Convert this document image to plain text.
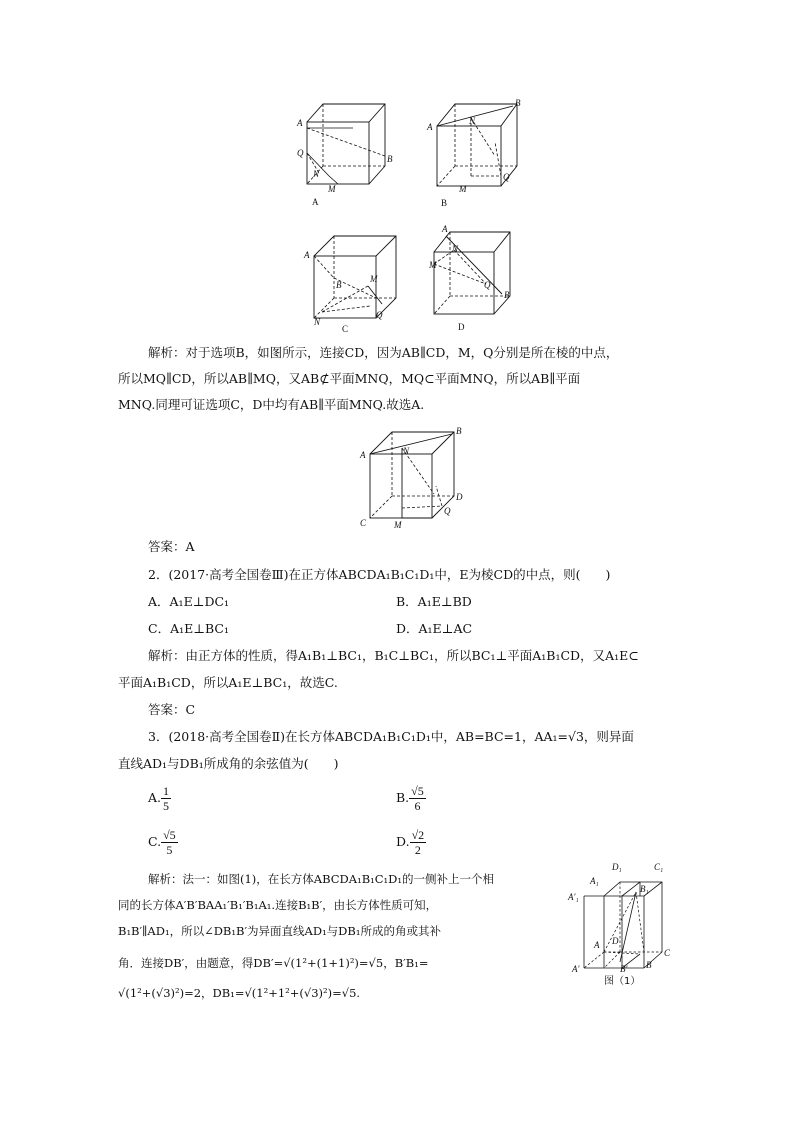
A
B
Q
N
M
A
A
B
N
M
Q
B
A
B
M
N
Q
C
A
N
M
Q
B
D
解析：对于选项B，如图所示，连接CD，因为AB∥CD，M，Q分别是所在棱的中点，
所以MQ∥CD，所以AB∥MQ，又AB⊄平面MNQ，MQ⊂平面MNQ，所以AB∥平面
MNQ.同理可证选项C，D中均有AB∥平面MNQ.故选A.
A
B
N
C	M
D
Q
答案：A
2．(2017·高考全国卷Ⅲ)在正方体ABCDA₁B₁C₁D₁中，E为棱CD的中点，则(　　)
A．A₁E⊥DC₁	B．A₁E⊥BD
C．A₁E⊥BC₁	D．A₁E⊥AC
解析：由正方体的性质，得A₁B₁⊥BC₁，B₁C⊥BC₁，所以BC₁⊥平面A₁B₁CD，又A₁E⊂
平面A₁B₁CD，所以A₁E⊥BC₁，故选C.
答案：C
3．(2018·高考全国卷Ⅱ)在长方体ABCDA₁B₁C₁D₁中，AB=BC=1，AA₁=√3，则异面
直线AD₁与DB₁所成角的余弦值为(　　)
A. $\frac{1}{5}$	B. $\frac{√5}{6}$
C. $\frac{√5}{5}$	D. $\frac{√2}{2}$
解析：法一：如图(1)，在长方体ABCDA₁B₁C₁D₁的一侧补上一个相
同的长方体A′B′BAA₁′B₁′B₁A₁.连接B₁B′，由长方体性质可知，
B₁B′∥AD₁，所以∠DB₁B′为异面直线AD₁与DB₁所成的角或其补
角．连接DB′，由题意，得DB′=√(1²+(1+1)²)=√5，B′B₁=
√(1²+(√3)²)=2，DB₁=√(1²+1²+(√3)²)=√5.
D₁	C₁
A₁
B₁
A′₁
D
A
B′
A′	B
C
图（1）
